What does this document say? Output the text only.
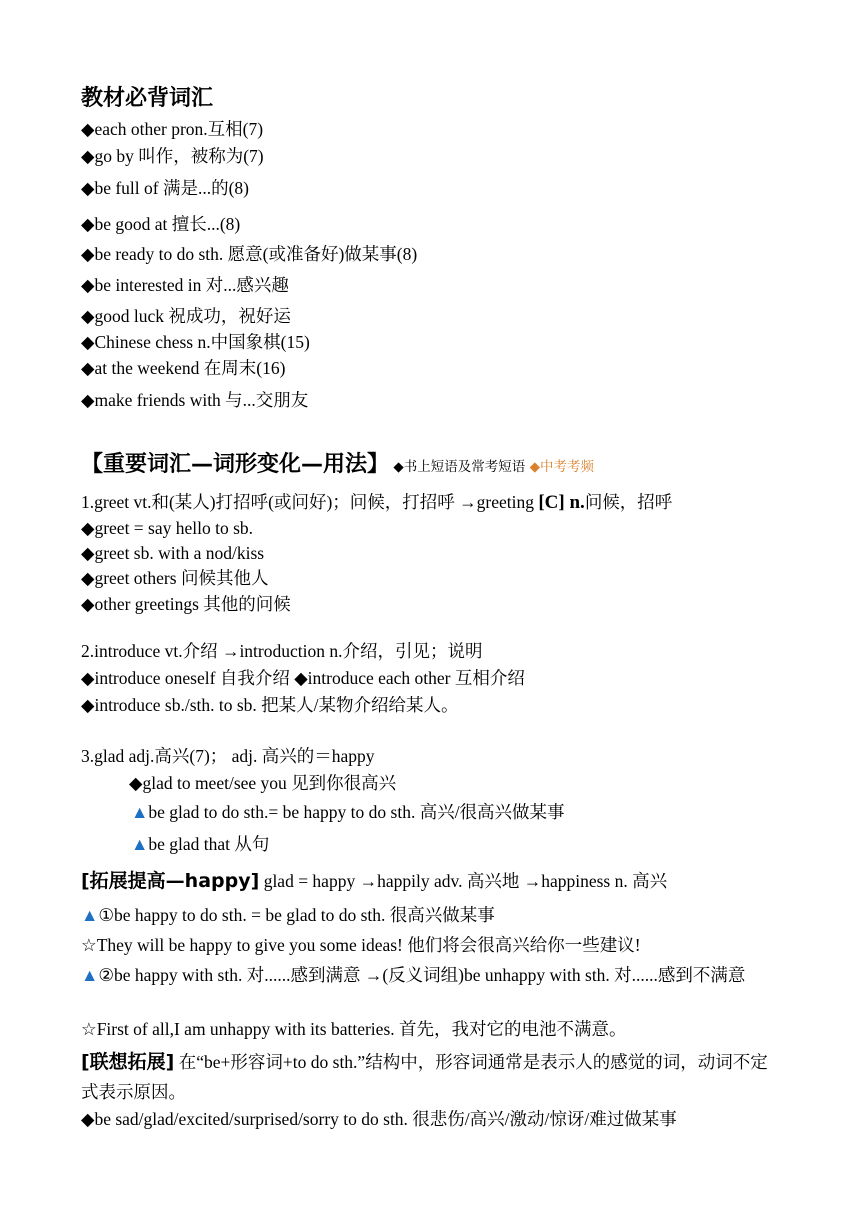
教材必背词汇
◆each other pron.互相(7)
◆go by 叫作，被称为(7)
◆be full of 满是...的(8)
◆be good at 擅长...(8)
◆be ready to do sth. 愿意(或准备好)做某事(8)
◆be interested in 对...感兴趣
◆good luck 祝成功，祝好运
◆Chinese chess n.中国象棋(15)
◆at the weekend 在周末(16)
◆make friends with 与...交朋友
【重要词汇—词形变化—用法】 ◆书上短语及常考短语 ◆中考考频
1.greet vt.和(某人)打招呼(或问好)；问候，打招呼 →greeting [C] n.问候，招呼
◆greet = say hello to sb.
◆greet sb. with a nod/kiss
◆greet others 问候其他人
◆other greetings 其他的问候
2.introduce vt.介绍 →introduction n.介绍，引见；说明
◆introduce oneself 自我介绍 ◆introduce each other 互相介绍
◆introduce sb./sth. to sb. 把某人/某物介绍给某人。
3.glad adj.高兴(7)； adj. 高兴的＝happy
◆glad to meet/see you 见到你很高兴
▲be glad to do sth.= be happy to do sth. 高兴/很高兴做某事
▲be glad that 从句
[拓展提高—happy] glad = happy →happily adv. 高兴地 →happiness n. 高兴
▲①be happy to do sth. = be glad to do sth. 很高兴做某事
☆They will be happy to give you some ideas! 他们将会很高兴给你一些建议!
▲②be happy with sth. 对......感到满意 →(反义词组)be unhappy with sth. 对......感到不满意
☆First of all,I am unhappy with its batteries. 首先，我对它的电池不满意。
[联想拓展] 在“be+形容词+to do sth.”结构中，形容词通常是表示人的感觉的词，动词不定式表示原因。
◆be sad/glad/excited/surprised/sorry to do sth. 很悲伤/高兴/激动/惊讶/难过做某事
